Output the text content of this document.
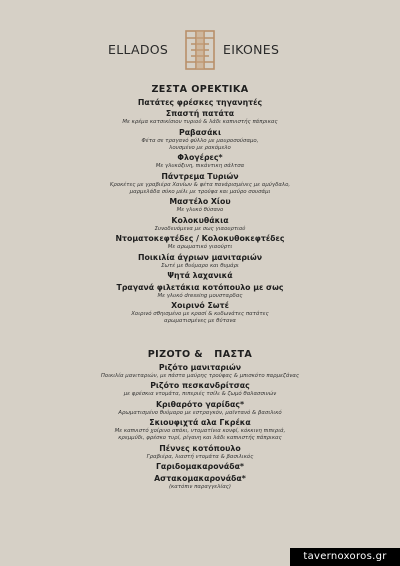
ELLADOS	EIKONES
ΖΕΣΤΑ ΟΡΕΚΤΙΚΑ
Πατάτες φρέσκες τηγανητές
Σπαστή πατάτα
Με κρέμα κατσικίσιου τυριού & λάδι καπνιστής πάπρικας
Ραβασάκι
Φέτα σε τραγανό φύλλο με μαυροσούσαμο,
λουσμένο με ρακόμελο
Φλογέρες*
Με γλυκόξινη, πικάντικη σάλτσα
Πάντρεμα Τυριών
Κροκέτες με γραβιέρα Χανίων & φέτα πανάρισμένες με αμύγδαλο,
μαρμελάδα σύκο μέλι με τρούφα και μαύρο σουσάμι
Μαστέλο Χίου
Με γλυκό θύσανο
Κολοκυθάκια
Συνοδευόμενα με σως γιαουρτιού
Ντοματοκεφτέδες / Κολοκυθοκεφτέδες
Με αρωματικό γιαούρτι
Ποικιλία άγριων μανιταριών
Σωτέ με θυύμαρο και θυμάρι
Ψητά λαχανικά
Τραγανά φιλετάκια κοτόπουλο με σως
Με γλυκό dressing μουσταρδας
Χοιρινό Σωτέ
Χοιρινό σθηισμένο με κρασί & κυδωνάτες πατάτες
αρωματισμένες με θύτανα
ΡΙΖΟΤΟ &   ΠΑΣΤΑ
Ριζότο μανιταριών
Ποικιλία μανιταριών, με πάστα μαύρης τρούφας & μπισκότο παρμεζάνας
Ριζότο πεσκανδρίτσας
με φρέσκια ντομάτα, πιπεριές τσίλι & ζωμό θαλασσινών
Κριθαρότο γαρίδας*
Αρωματισμένο θυύμαρο με εστραγκόν, μαϊντανό & βασιλικό
Σκιουφιχτά αλα Γκρέκα
Με καπνιστό χοίρινο απάκι, ντοματίνια κονφί, κόκκινη πιπεριά,
κρεμμύδι, φρέσκο τυρί, ρίγανη και λάδι καπνιστής πάπρικας
Πέννες κοτόπουλο
Γραβιέρα, λιαστή ντομάτα & βασιλικός
Γαριδομακαρονάδα*
Αστακομακαρονάδα*
(κατόπιν παραγγελίας)
tavernoxoros.gr
